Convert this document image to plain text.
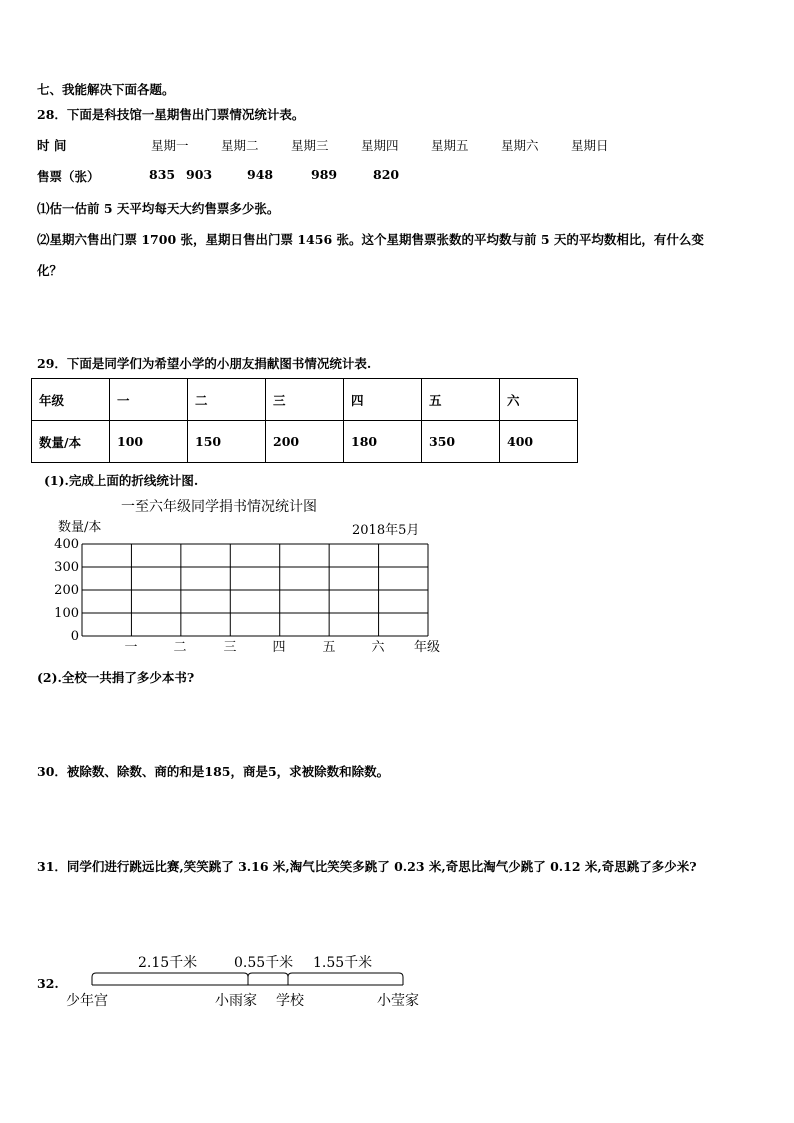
七、我能解决下面各题。
28．下面是科技馆一星期售出门票情况统计表。
时 间	星期一	星期二	星期三	星期四	星期五	星期六	星期日
售票（张）	835 903	948	989	820
⑴估一估前 5 天平均每天大约售票多少张。
⑵星期六售出门票 1700 张，星期日售出门票 1456 张。这个星期售票张数的平均数与前 5 天的平均数相比，有什么变
化？
29．下面是同学们为希望小学的小朋友捐献图书情况统计表.
年级	一	二	三	四	五	六
数量/本	100	150	200	180	350	400
(1).完成上面的折线统计图.
一至六年级同学捐书情况统计图
数量/本	2018年5月
400
300
200
100
0
一	二	三	四	五	六 年级
(2).全校一共捐了多少本书?
30．被除数、除数、商的和是185，商是5，求被除数和除数。
31．同学们进行跳远比赛,笑笑跳了 3.16 米,淘气比笑笑多跳了 0.23 米,奇思比淘气少跳了 0.12 米,奇思跳了多少米?
32.
2.15千米	0.55千米 1.55千米
少年宫	小雨家 学校	小莹家
